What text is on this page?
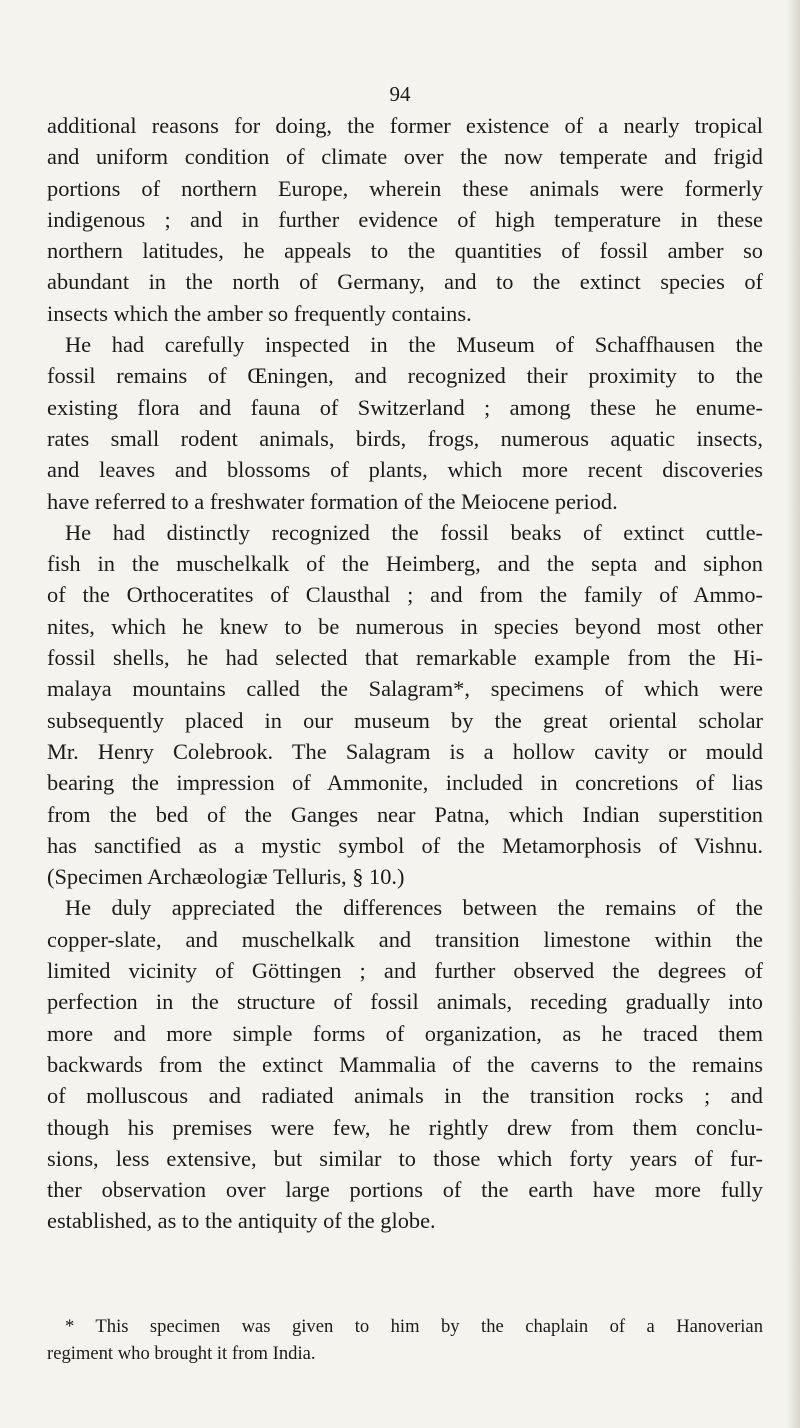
94

additional reasons for doing, the former existence of a nearly tropical
and uniform condition of climate over the now temperate and frigid
portions of northern Europe, wherein these animals were formerly
indigenous ; and in further evidence of high temperature in these
northern latitudes, he appeals to the quantities of fossil amber so
abundant in the north of Germany, and to the extinct species of
insects which the amber so frequently contains.
He had carefully inspected in the Museum of Schaffhausen the
fossil remains of Œningen, and recognized their proximity to the
existing flora and fauna of Switzerland ; among these he enume-
rates small rodent animals, birds, frogs, numerous aquatic insects,
and leaves and blossoms of plants, which more recent discoveries
have referred to a freshwater formation of the Meiocene period.
He had distinctly recognized the fossil beaks of extinct cuttle-
fish in the muschelkalk of the Heimberg, and the septa and siphon
of the Orthoceratites of Clausthal ; and from the family of Ammo-
nites, which he knew to be numerous in species beyond most other
fossil shells, he had selected that remarkable example from the Hi-
malaya mountains called the Salagram*, specimens of which were
subsequently placed in our museum by the great oriental scholar
Mr. Henry Colebrook. The Salagram is a hollow cavity or mould
bearing the impression of Ammonite, included in concretions of lias
from the bed of the Ganges near Patna, which Indian superstition
has sanctified as a mystic symbol of the Metamorphosis of Vishnu.
(Specimen Archæologiæ Telluris, § 10.)
He duly appreciated the differences between the remains of the
copper-slate, and muschelkalk and transition limestone within the
limited vicinity of Göttingen ; and further observed the degrees of
perfection in the structure of fossil animals, receding gradually into
more and more simple forms of organization, as he traced them
backwards from the extinct Mammalia of the caverns to the remains
of molluscous and radiated animals in the transition rocks ; and
though his premises were few, he rightly drew from them conclu-
sions, less extensive, but similar to those which forty years of fur-
ther observation over large portions of the earth have more fully
established, as to the antiquity of the globe.
* This specimen was given to him by the chaplain of a Hanoverian
regiment who brought it from India.
